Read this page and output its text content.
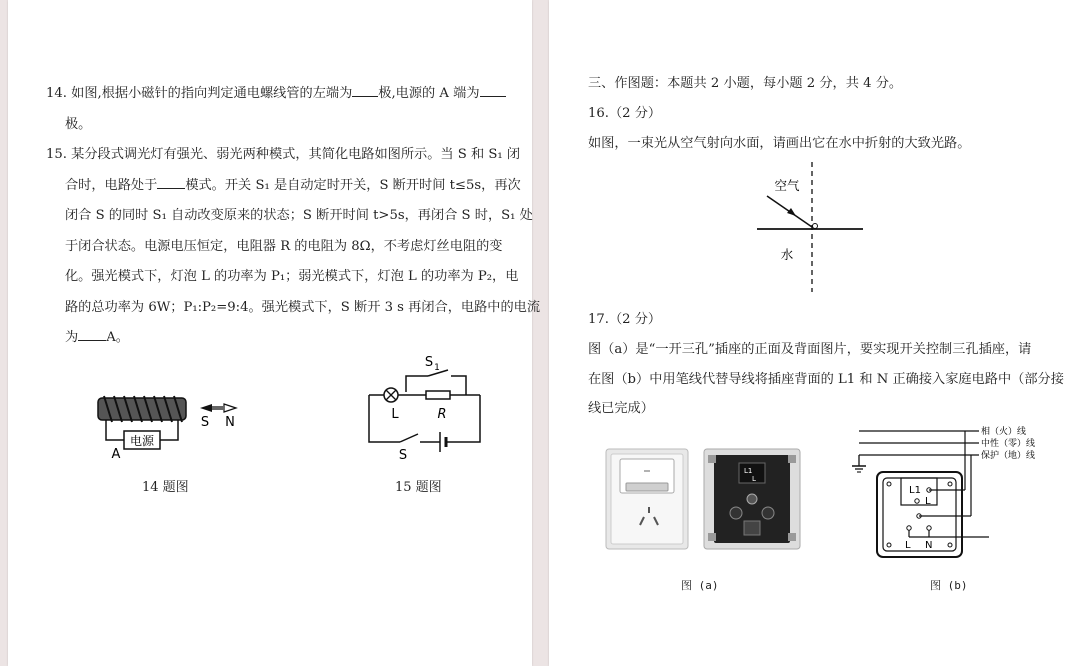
14. 如图,根据小磁针的指向判定通电螺线管的左端为 极,电源的 A 端为
极。
15. 某分段式调光灯有强光、弱光两种模式，其简化电路如图所示。当 S 和 S₁ 闭
合时，电路处于 模式。开关 S₁ 是自动定时开关，S 断开时间 t≤5s，再次
闭合 S 的同时 S₁ 自动改变原来的状态；S 断开时间 t>5s，再闭合 S 时，S₁ 处
于闭合状态。电源电压恒定，电阻器 R 的电阻为 8Ω，不考虑灯丝电阻的变
化。强光模式下，灯泡 L 的功率为 P₁；弱光模式下，灯泡 L 的功率为 P₂，电
路的总功率为 6W；P₁:P₂=9:4。强光模式下，S 断开 3 s 再闭合，电路中的电流
为 A。
电源
A
S N
14 题图
S 1
L	R
S
15 题图
三、作图题：本题共 2 小题，每小题 2 分，共 4 分。
16.（2 分）
如图，一束光从空气射向水面，请画出它在水中折射的大致光路。
空气
水
17.（2 分）
图（a）是“一开三孔”插座的正面及背面图片，要实现开关控制三孔插座，请
在图（b）中用笔线代替导线将插座背面的 L1 和 N 正确接入家庭电路中（部分接
线已完成）
L1
L
图 (a)
相（火）线
中性（零）线
保护（地）线
L1
L
L N
图 (b)
